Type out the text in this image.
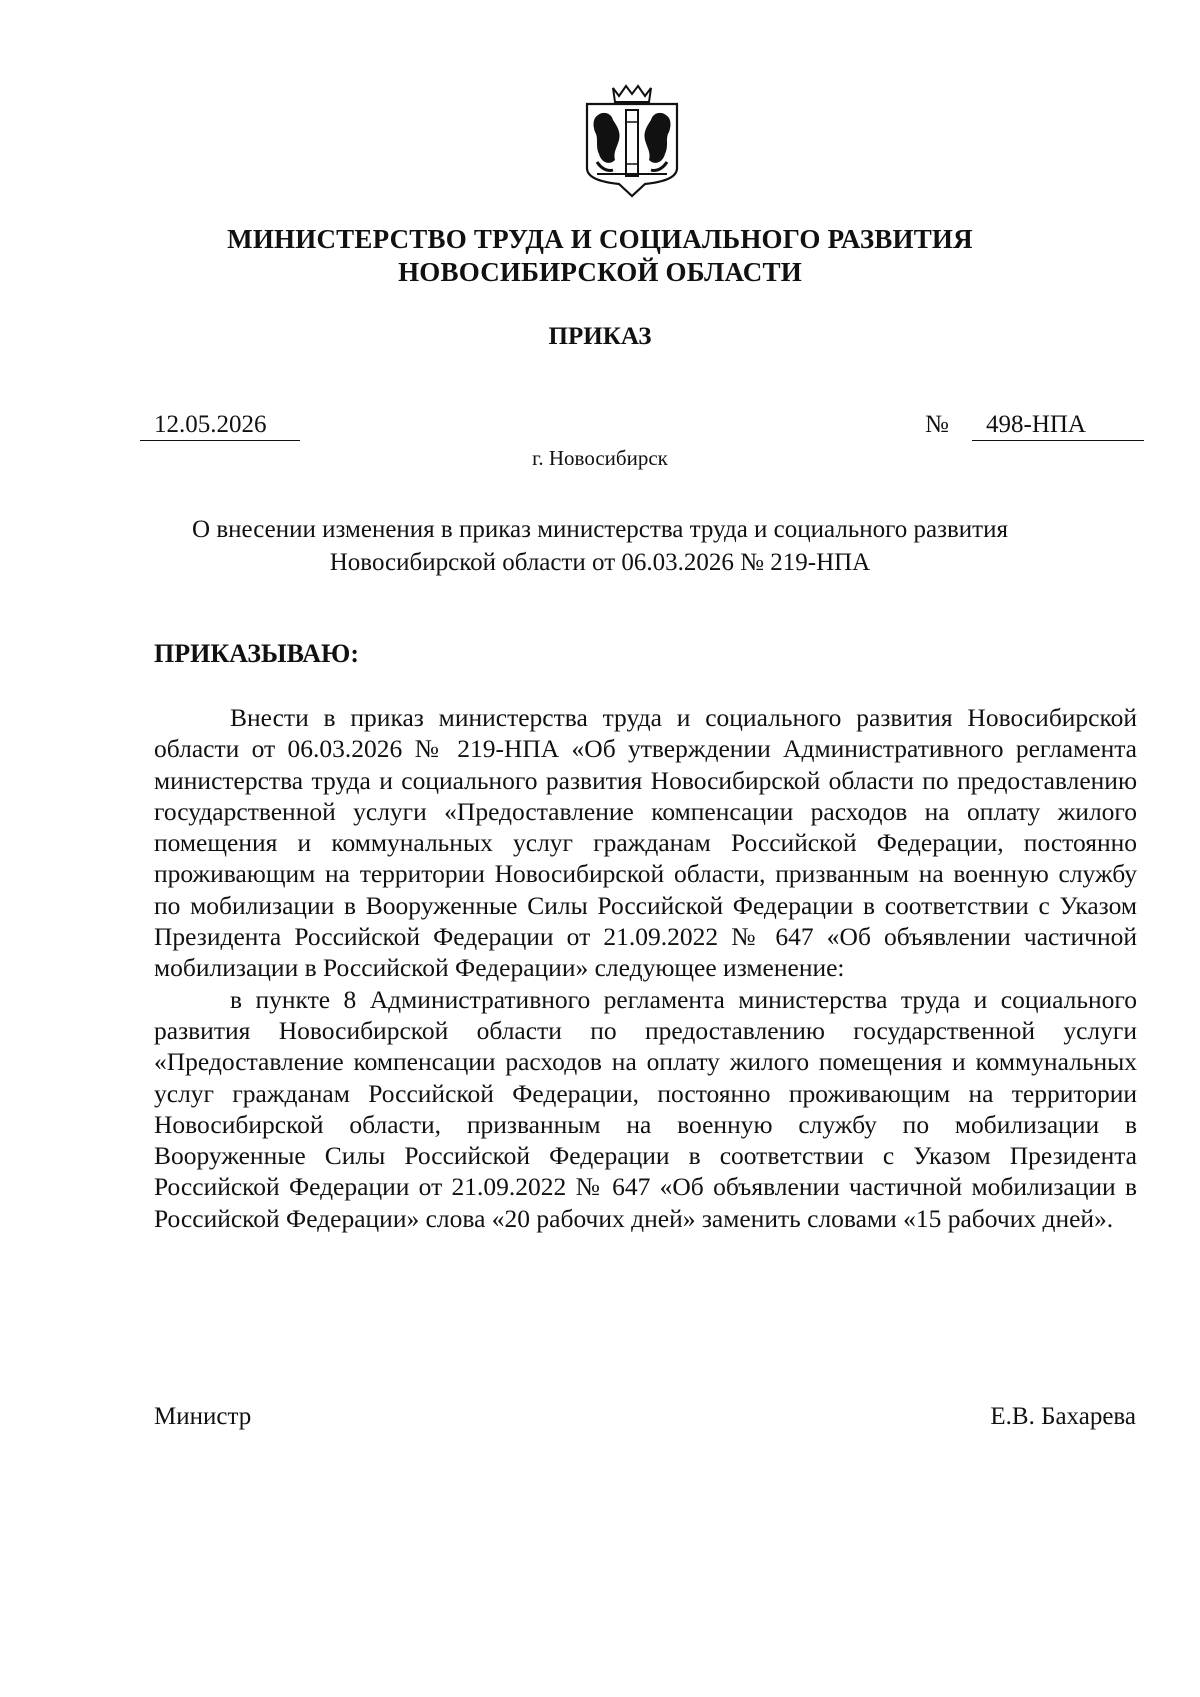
МИНИСТЕРСТВО ТРУДА И СОЦИАЛЬНОГО РАЗВИТИЯ
НОВОСИБИРСКОЙ ОБЛАСТИ
ПРИКАЗ
12.05.2026	№	498-НПА
г. Новосибирск
О внесении изменения в приказ министерства труда и социального развития
Новосибирской области от 06.03.2026 № 219-НПА
ПРИКАЗЫВАЮ:

Внести в приказ министерства труда и социального развития Новосибирской области от 06.03.2026 № 219-НПА «Об утверждении Административного регламента министерства труда и социального развития Новосибирской области по предоставлению государственной услуги «Предоставление компенсации расходов на оплату жилого помещения и коммунальных услуг гражданам Российской Федерации, постоянно проживающим на территории Новосибирской области, призванным на военную службу по мобилизации в Вооруженные Силы Российской Федерации в соответствии с Указом Президента Российской Федерации от 21.09.2022 № 647 «Об объявлении частичной мобилизации в Российской Федерации» следующее изменение:

в пункте 8 Административного регламента министерства труда и социального развития Новосибирской области по предоставлению государственной услуги «Предоставление компенсации расходов на оплату жилого помещения и коммунальных услуг гражданам Российской Федерации, постоянно проживающим на территории Новосибирской области, призванным на военную службу по мобилизации в Вооруженные Силы Российской Федерации в соответствии с Указом Президента Российской Федерации от 21.09.2022 № 647 «Об объявлении частичной мобилизации в Российской Федерации» слова «20 рабочих дней» заменить словами «15 рабочих дней».

Министр	Е.В. Бахарева
